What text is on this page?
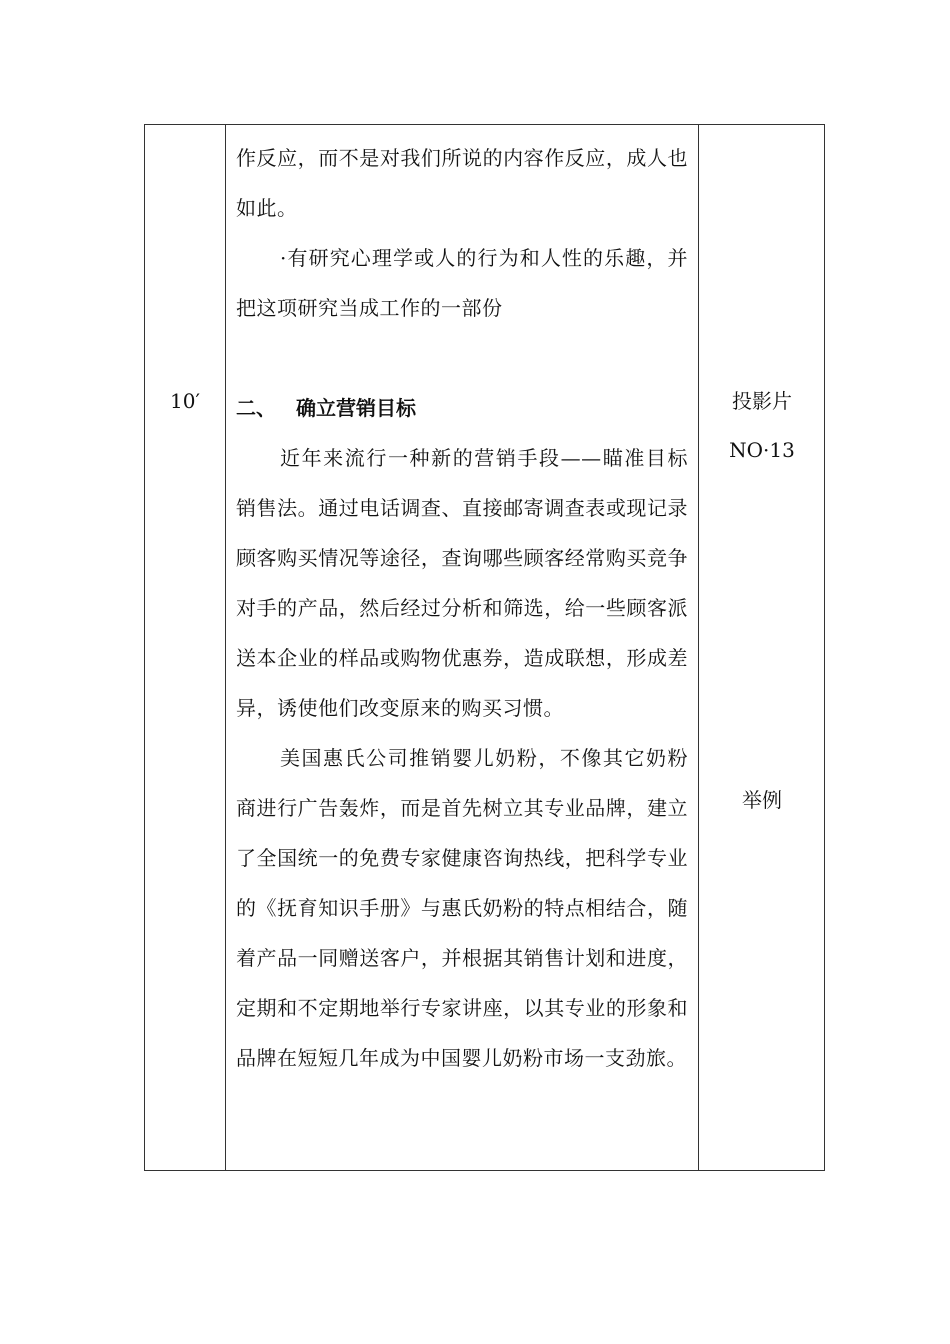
10′

作反应，而不是对我们所说的内容作反应，成人也如此。

·有研究心理学或人的行为和人性的乐趣，并把这项研究当成工作的一部份

二、 确立营销目标

近年来流行一种新的营销手段——瞄准目标销售法。通过电话调查、直接邮寄调查表或现记录顾客购买情况等途径，查询哪些顾客经常购买竞争对手的产品，然后经过分析和筛选，给一些顾客派送本企业的样品或购物优惠券，造成联想，形成差异，诱使他们改变原来的购买习惯。

美国惠氏公司推销婴儿奶粉，不像其它奶粉商进行广告轰炸，而是首先树立其专业品牌，建立了全国统一的免费专家健康咨询热线，把科学专业的《抚育知识手册》与惠氏奶粉的特点相结合，随着产品一同赠送客户，并根据其销售计划和进度，定期和不定期地举行专家讲座，以其专业的形象和品牌在短短几年成为中国婴儿奶粉市场一支劲旅。

投影片
NO·13
举例
